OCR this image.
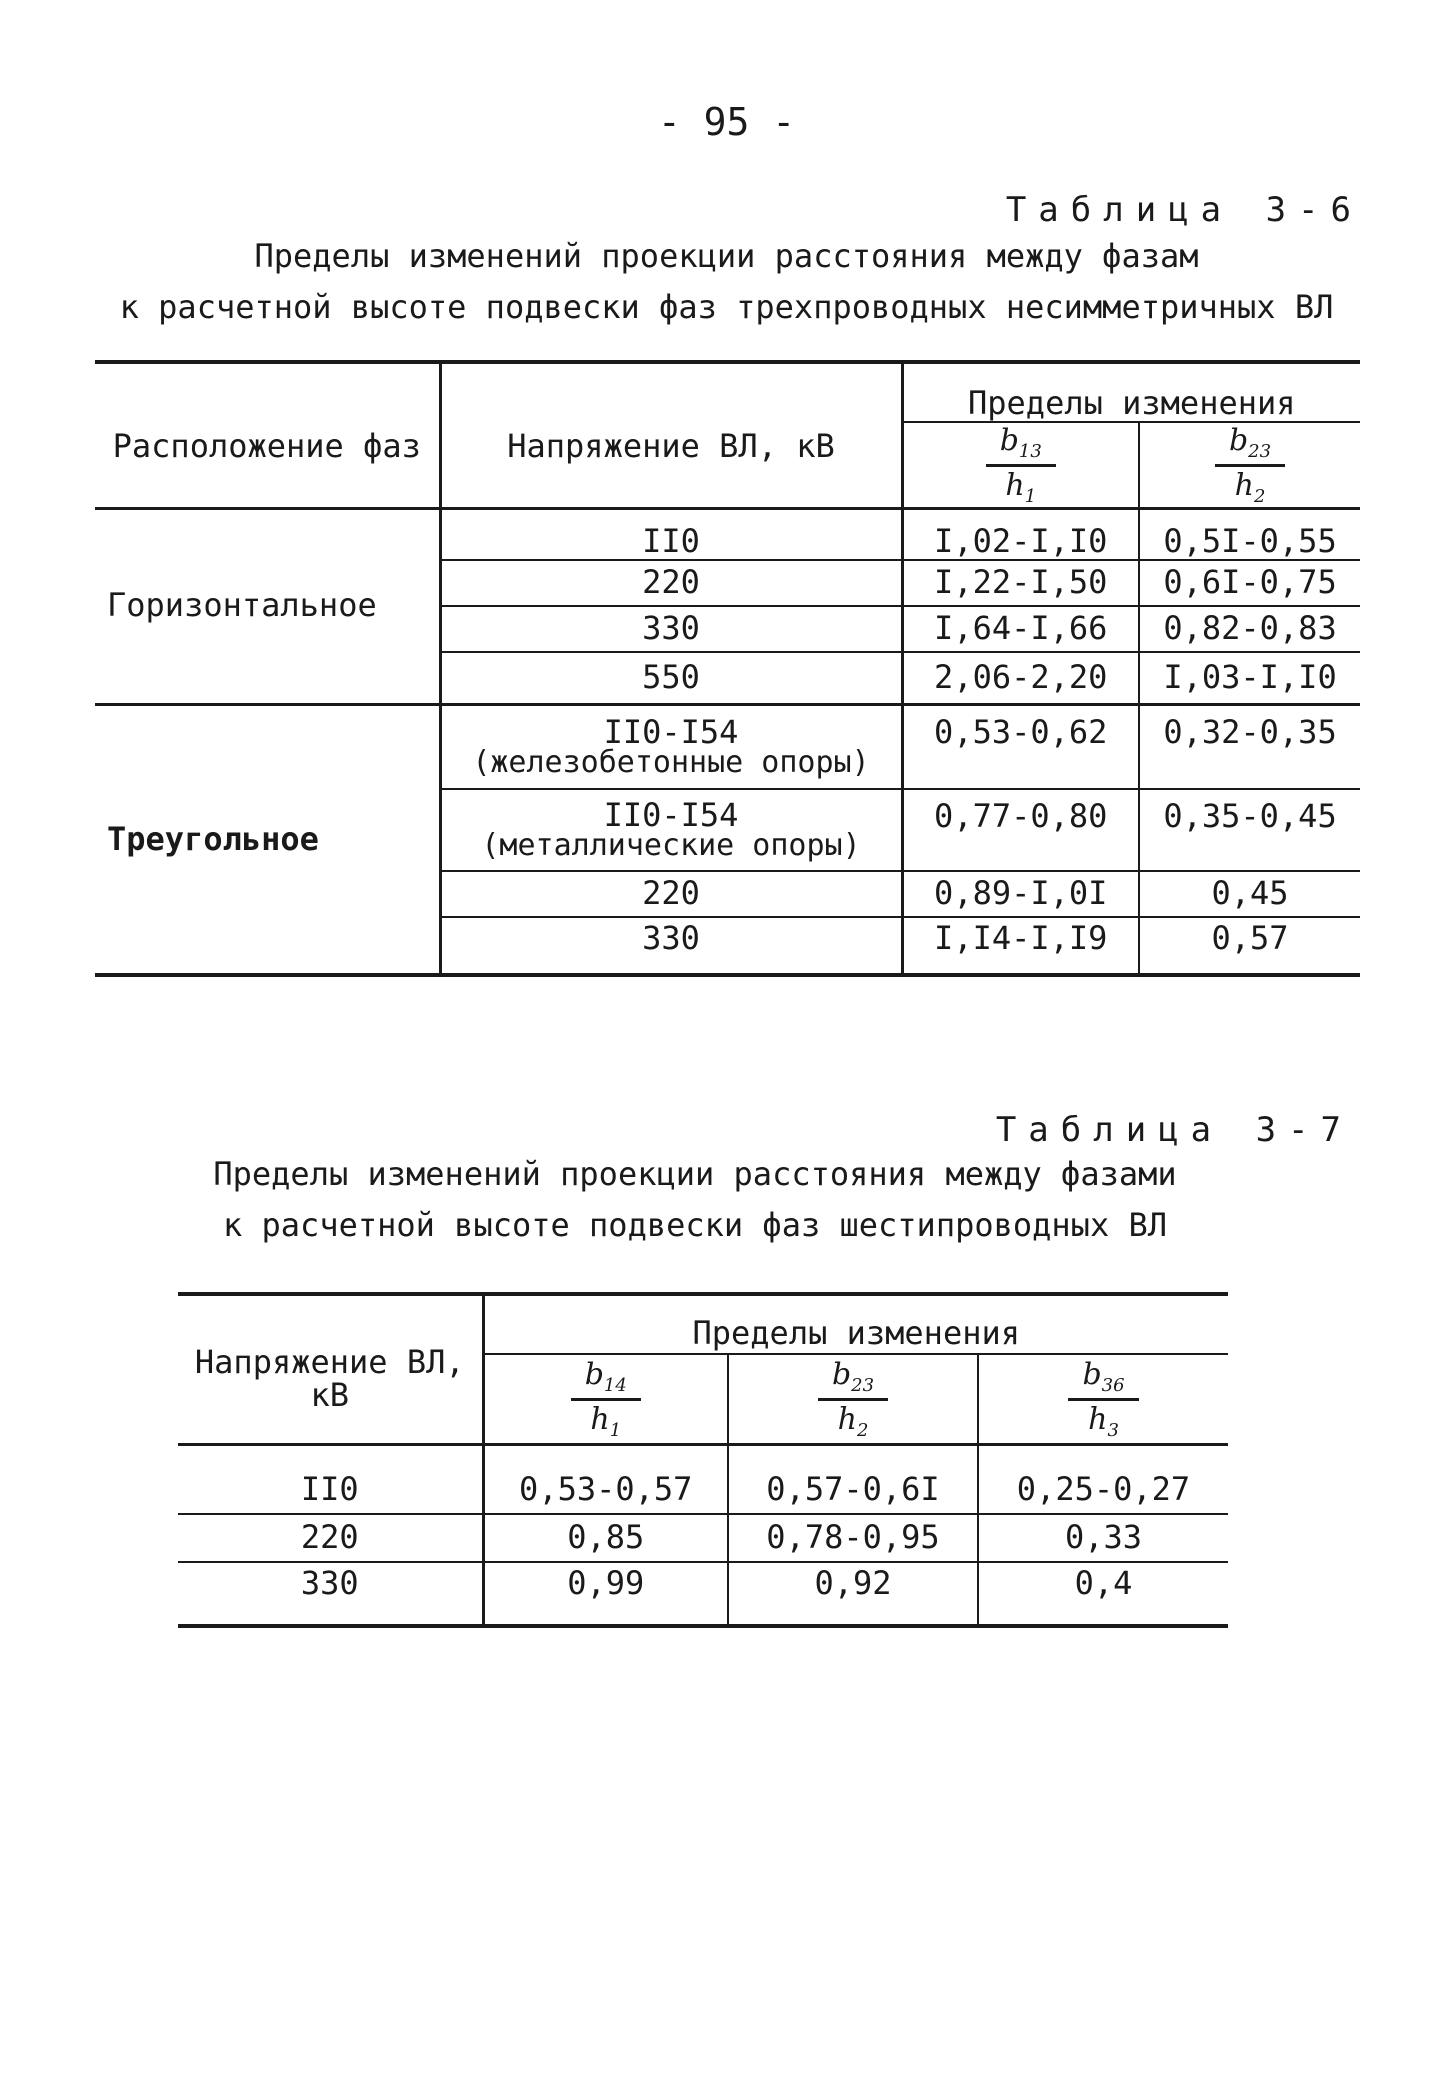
- 95 -
Таблица 3-6
Пределы изменений проекции расстояния между фазам
к расчетной высоте подвески фаз трехпроводных несимметричных ВЛ
Расположение фаз	Напряжение ВЛ, кВ	Пределы изменения	

		$\frac{b_{13}}{h_1}$	$\frac{b_{23}}{h_2}$

Горизонтальное	II0	I,02-I,I0	0,5I-0,55
	220	I,22-I,50	0,6I-0,75
	330	I,64-I,66	0,82-0,83
	550	2,06-2,20	I,03-I,I0
Треугольное	II0-I54
(железобетонные опоры)	0,53-0,62	0,32-0,35

	II0-I54
(металлические опоры)	0,77-0,80	0,35-0,45
	220	0,89-I,0I	0,45
	330	I,I4-I,I9	0,57
Таблица 3-7
Пределы изменений проекции расстояния между фазами
к расчетной высоте подвески фаз шестипроводных ВЛ
Напряжение ВЛ, кВ	Пределы изменения		

	$\frac{b_{14}}{h_1}$	$\frac{b_{23}}{h_2}$	$\frac{b_{36}}{h_3}$

II0	0,53-0,57	0,57-0,6I	0,25-0,27
220	0,85	0,78-0,95	0,33
330	0,99	0,92	0,4
